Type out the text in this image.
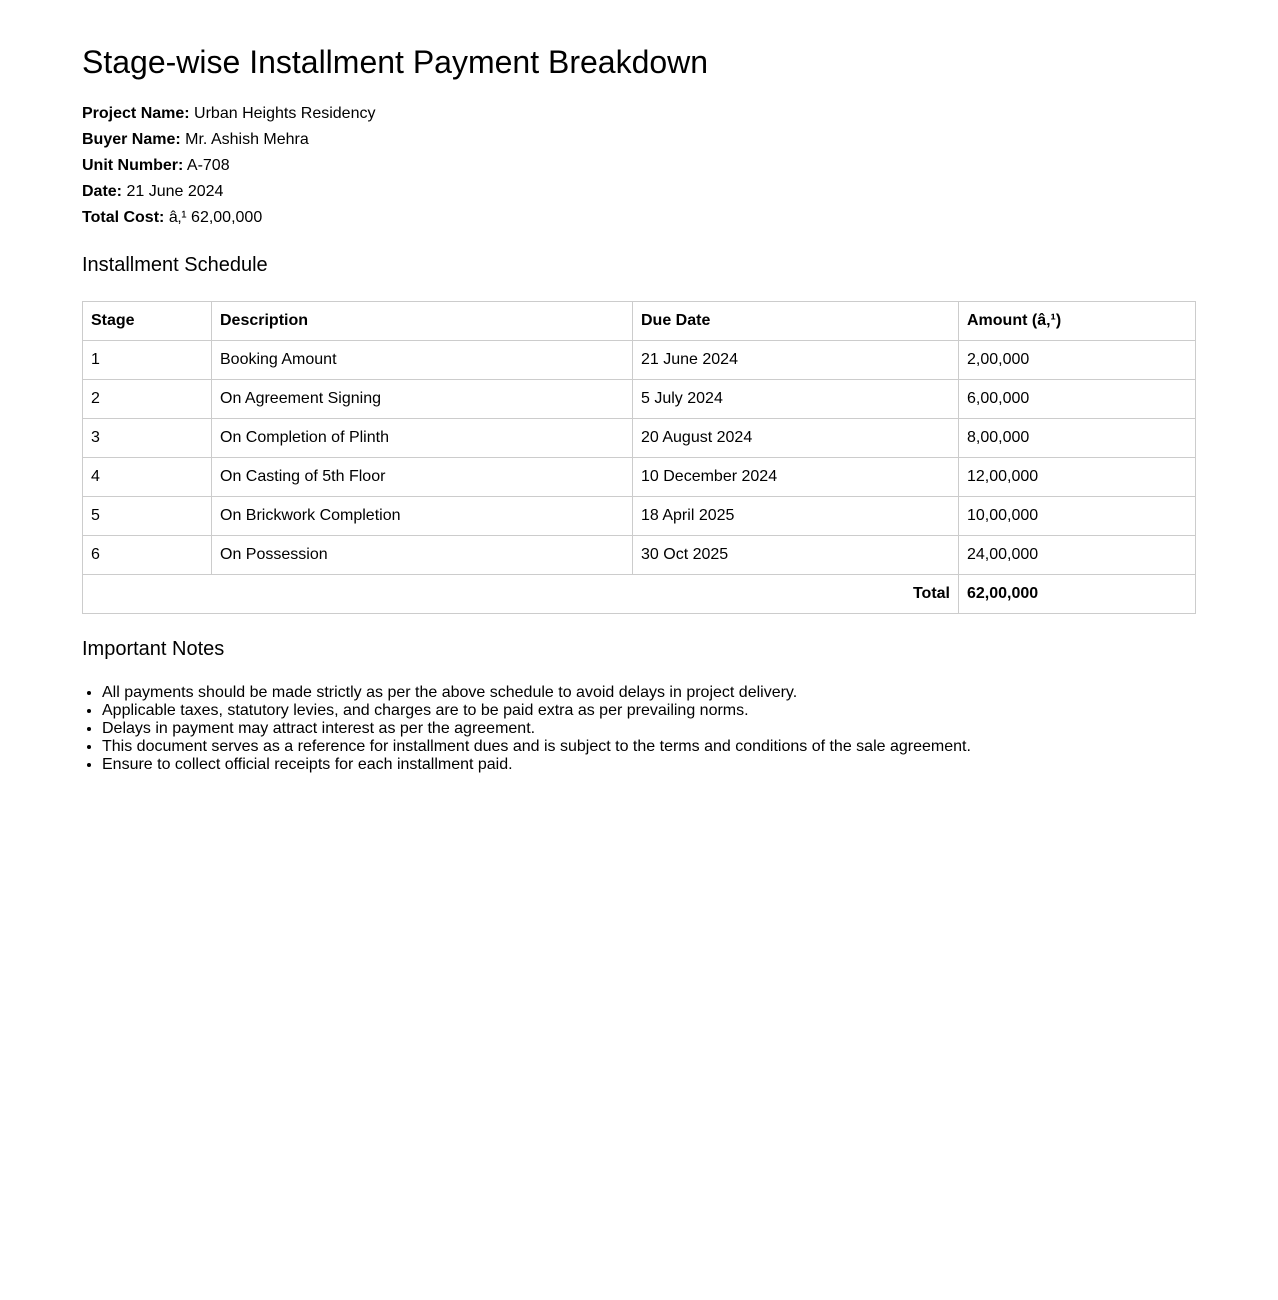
Stage-wise Installment Payment Breakdown

Project Name: Urban Heights Residency

Buyer Name: Mr. Ashish Mehra

Unit Number: A-708

Date: 21 June 2024

Total Cost: â‚¹ 62,00,000

Installment Schedule
Stage	Description	Due Date	Amount (â‚¹)
1	Booking Amount	21 June 2024	2,00,000
2	On Agreement Signing	5 July 2024	6,00,000
3	On Completion of Plinth	20 August 2024	8,00,000
4	On Casting of 5th Floor	10 December 2024	12,00,000
5	On Brickwork Completion	18 April 2025	10,00,000
6	On Possession	30 Oct 2025	24,00,000
Total			62,00,000
Important Notes
• All payments should be made strictly as per the above schedule to avoid delays in project delivery.
• Applicable taxes, statutory levies, and charges are to be paid extra as per prevailing norms.
• Delays in payment may attract interest as per the agreement.
• This document serves as a reference for installment dues and is subject to the terms and conditions of the sale agreement.
• Ensure to collect official receipts for each installment paid.
